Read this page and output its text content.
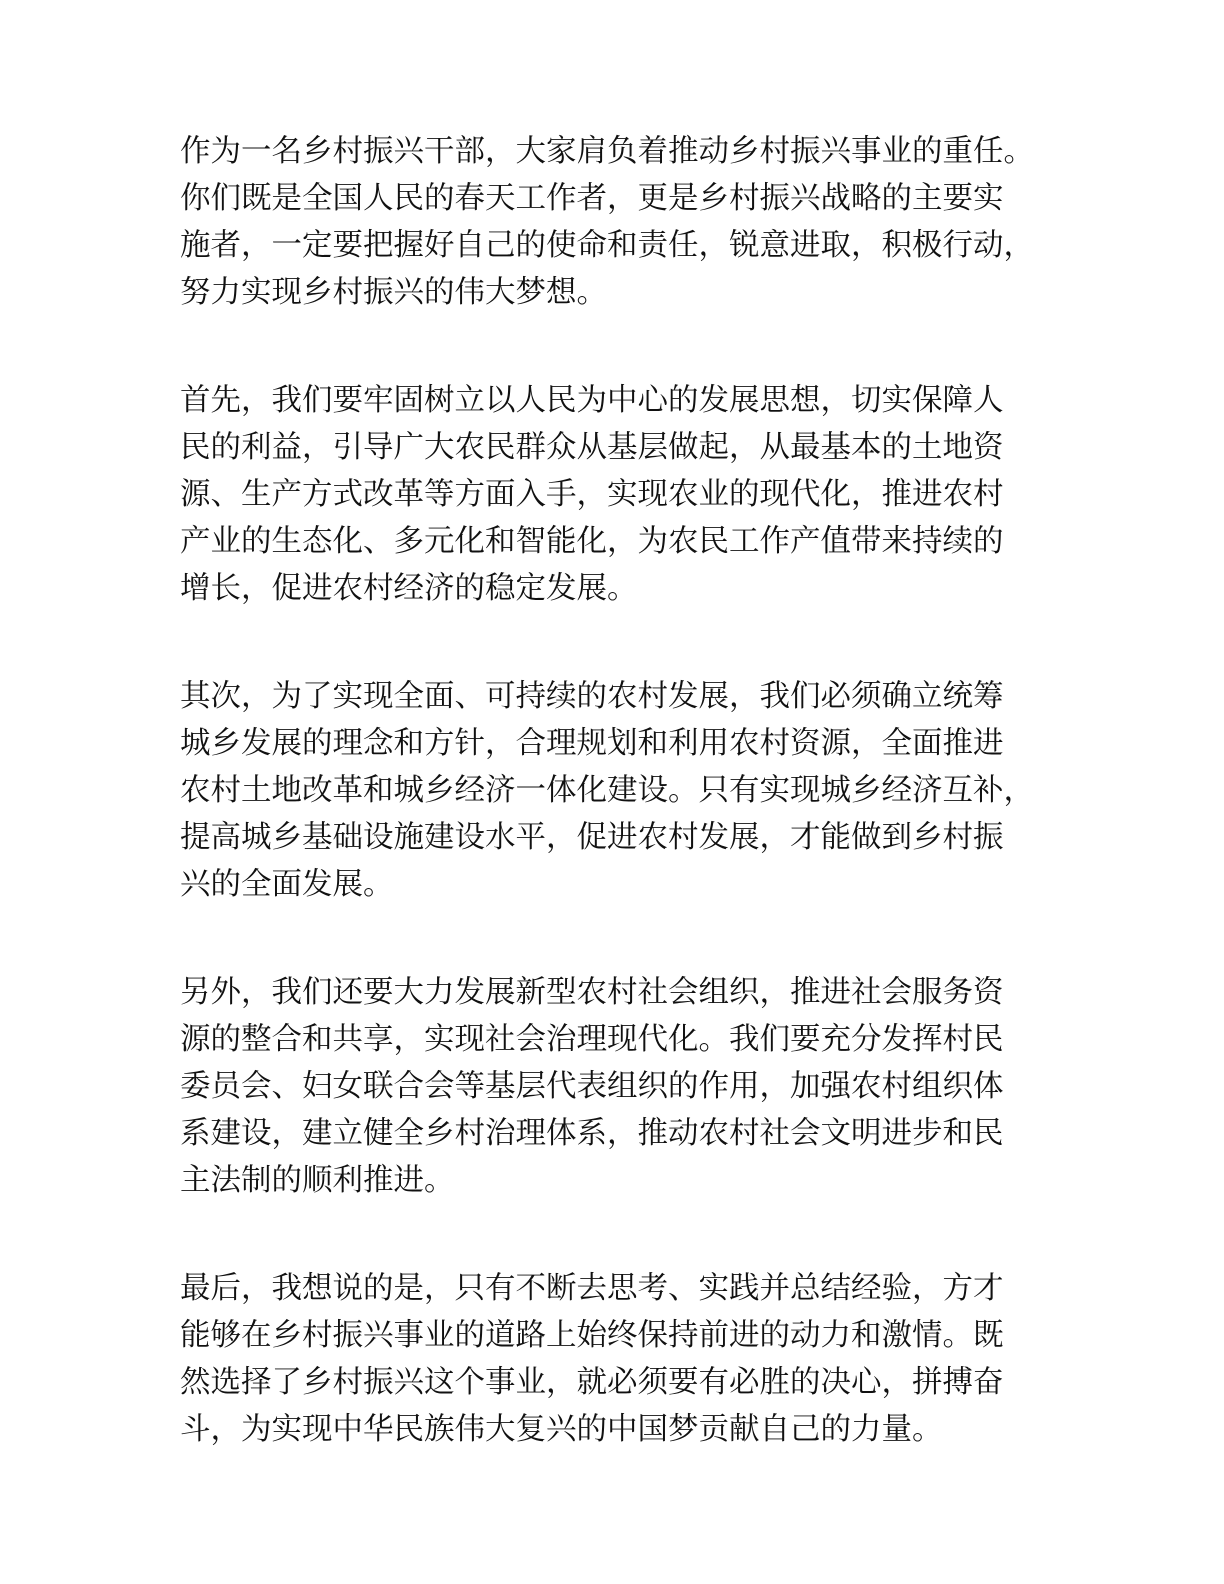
作为一名乡村振兴干部，大家肩负着推动乡村振兴事业的重任。
你们既是全国人民的春天工作者，更是乡村振兴战略的主要实
施者，一定要把握好自己的使命和责任，锐意进取，积极行动，
努力实现乡村振兴的伟大梦想。

首先，我们要牢固树立以人民为中心的发展思想，切实保障人
民的利益，引导广大农民群众从基层做起，从最基本的土地资
源、生产方式改革等方面入手，实现农业的现代化，推进农村
产业的生态化、多元化和智能化，为农民工作产值带来持续的
增长，促进农村经济的稳定发展。

其次，为了实现全面、可持续的农村发展，我们必须确立统筹
城乡发展的理念和方针，合理规划和利用农村资源，全面推进
农村土地改革和城乡经济一体化建设。只有实现城乡经济互补，
提高城乡基础设施建设水平，促进农村发展，才能做到乡村振
兴的全面发展。

另外，我们还要大力发展新型农村社会组织，推进社会服务资
源的整合和共享，实现社会治理现代化。我们要充分发挥村民
委员会、妇女联合会等基层代表组织的作用，加强农村组织体
系建设，建立健全乡村治理体系，推动农村社会文明进步和民
主法制的顺利推进。

最后，我想说的是，只有不断去思考、实践并总结经验，方才
能够在乡村振兴事业的道路上始终保持前进的动力和激情。既
然选择了乡村振兴这个事业，就必须要有必胜的决心，拼搏奋
斗，为实现中华民族伟大复兴的中国梦贡献自己的力量。
